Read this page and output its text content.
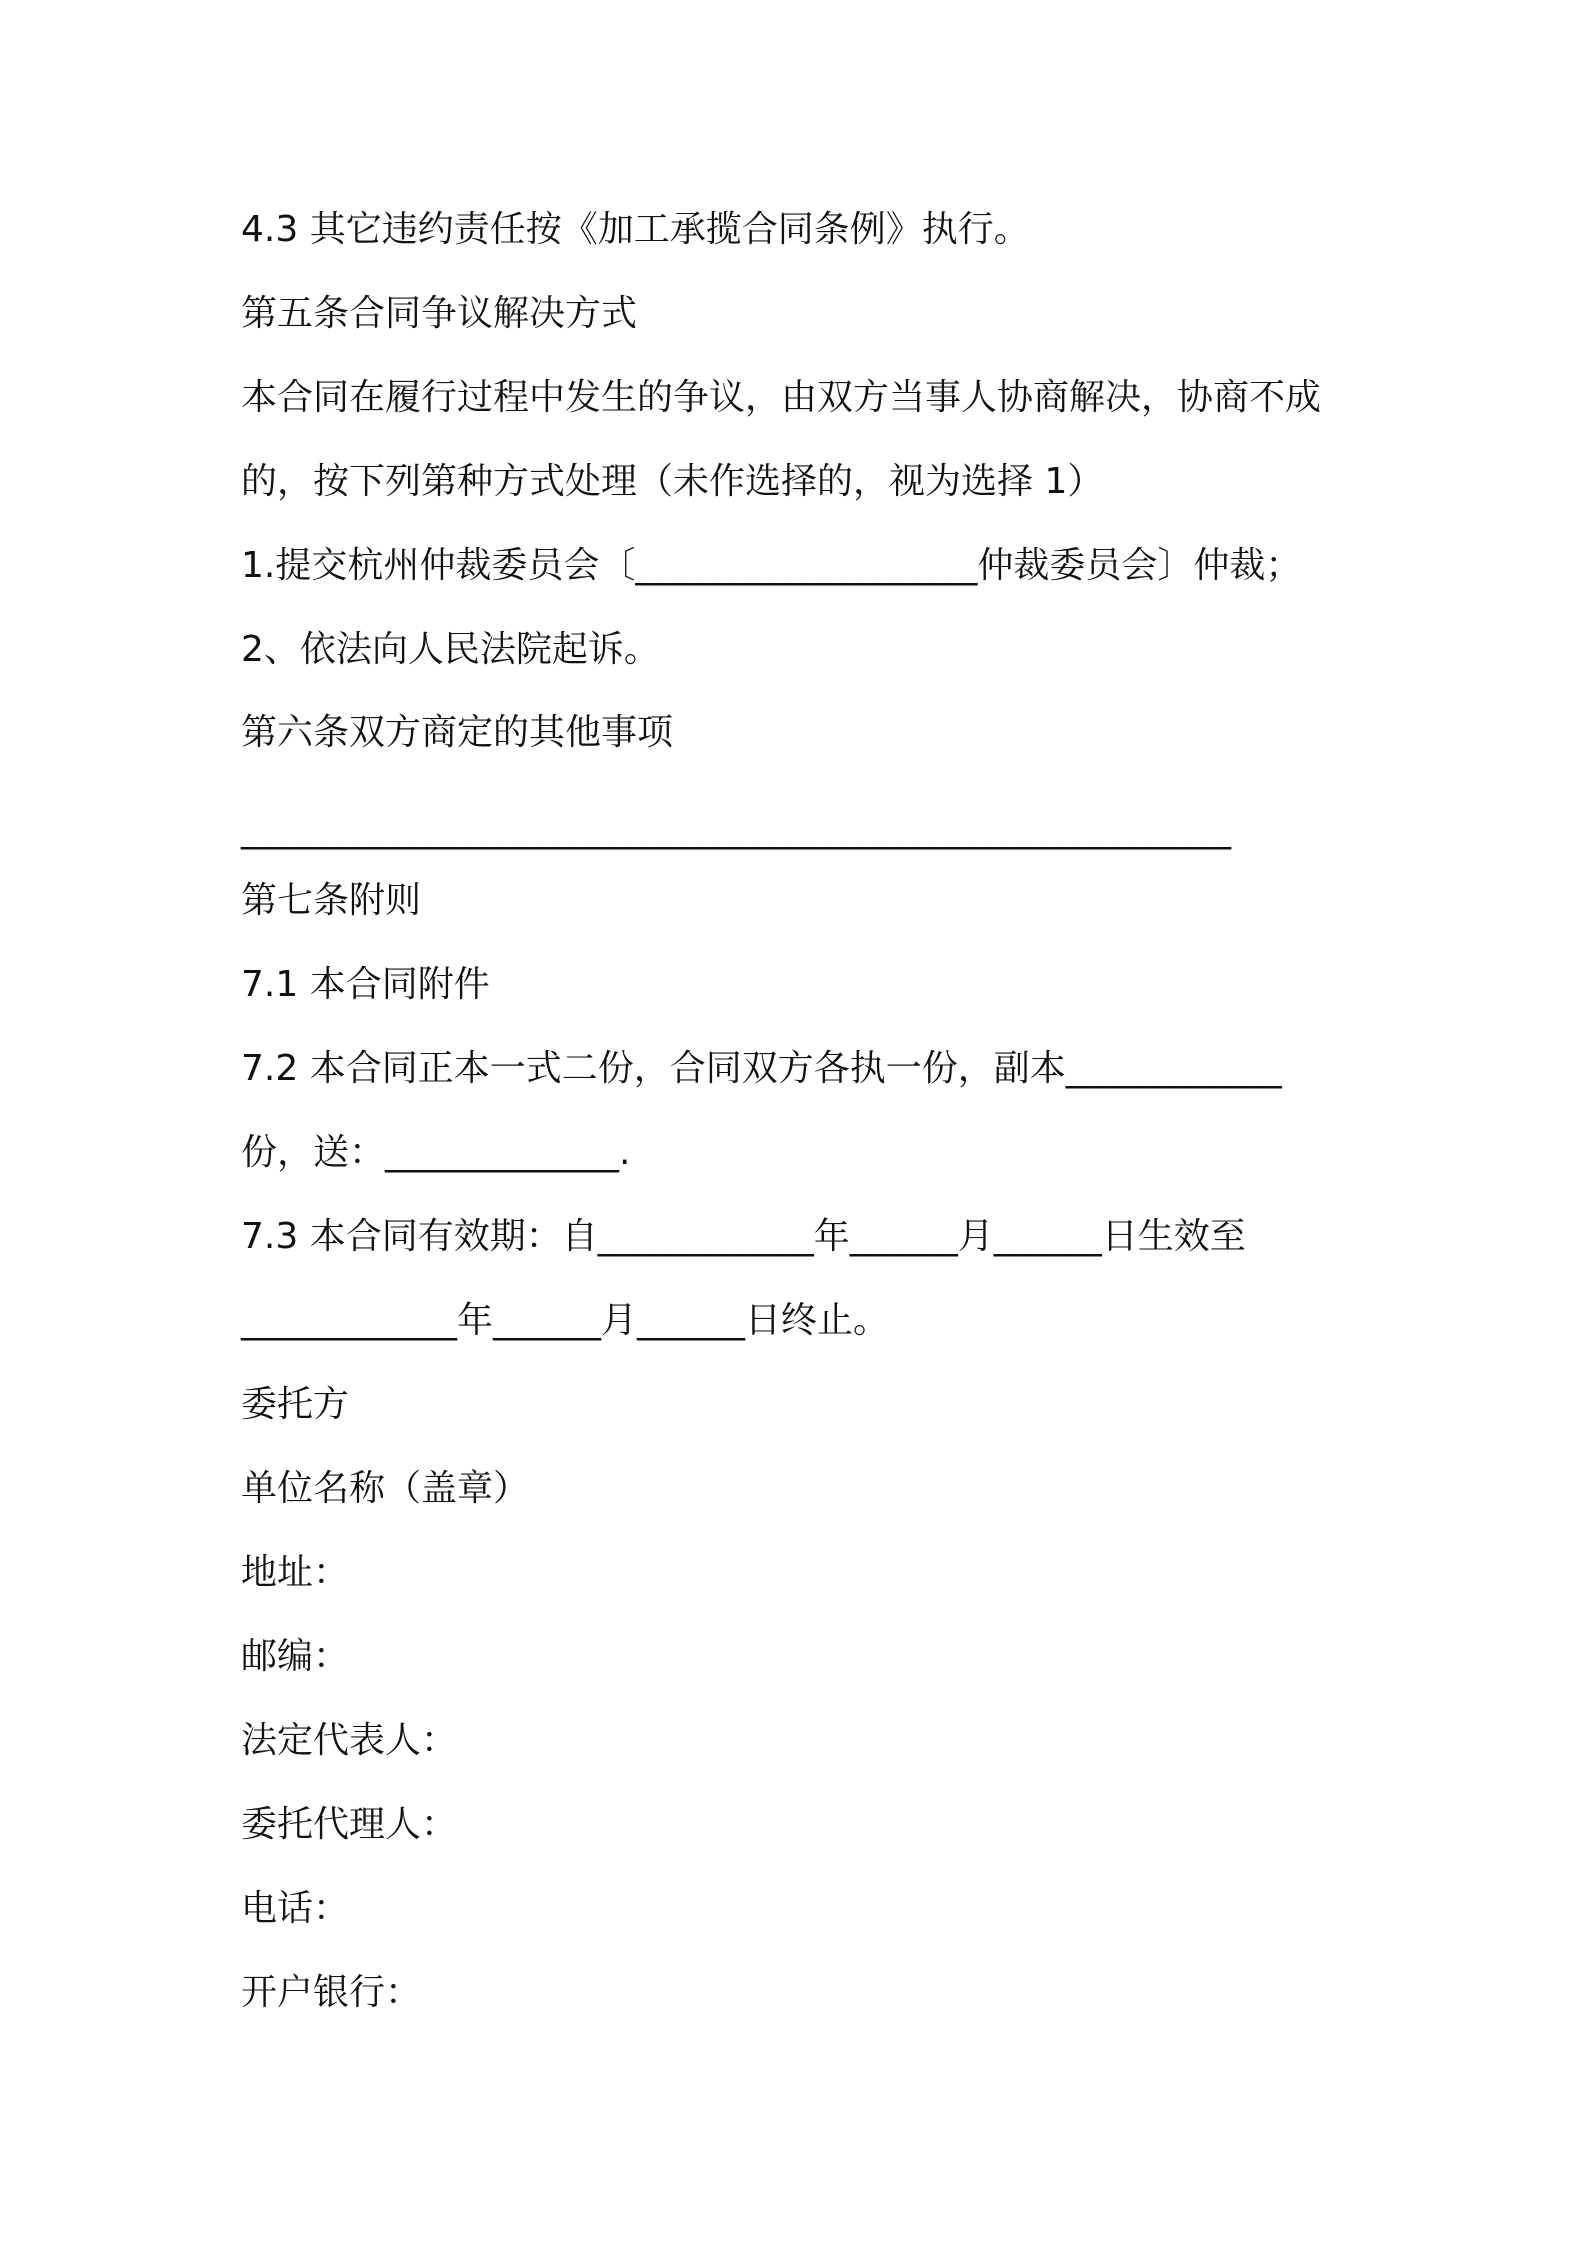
4.3 其它违约责任按《加工承揽合同条例》执行。
第五条合同争议解决方式
本合同在履行过程中发生的争议，由双方当事人协商解决，协商不成
的，按下列第种方式处理（未作选择的，视为选择 1）
1.提交杭州仲裁委员会〔___________________仲裁委员会〕仲裁；
2、依法向人民法院起诉。
第六条双方商定的其他事项
_______________________________________________________
第七条附则
7.1 本合同附件
7.2 本合同正本一式二份，合同双方各执一份，副本____________
份，送：_____________.
7.3 本合同有效期：自____________年______月______日生效至
____________年______月______日终止。
委托方
单位名称（盖章）
地址：
邮编：
法定代表人：
委托代理人：
电话：
开户银行：
